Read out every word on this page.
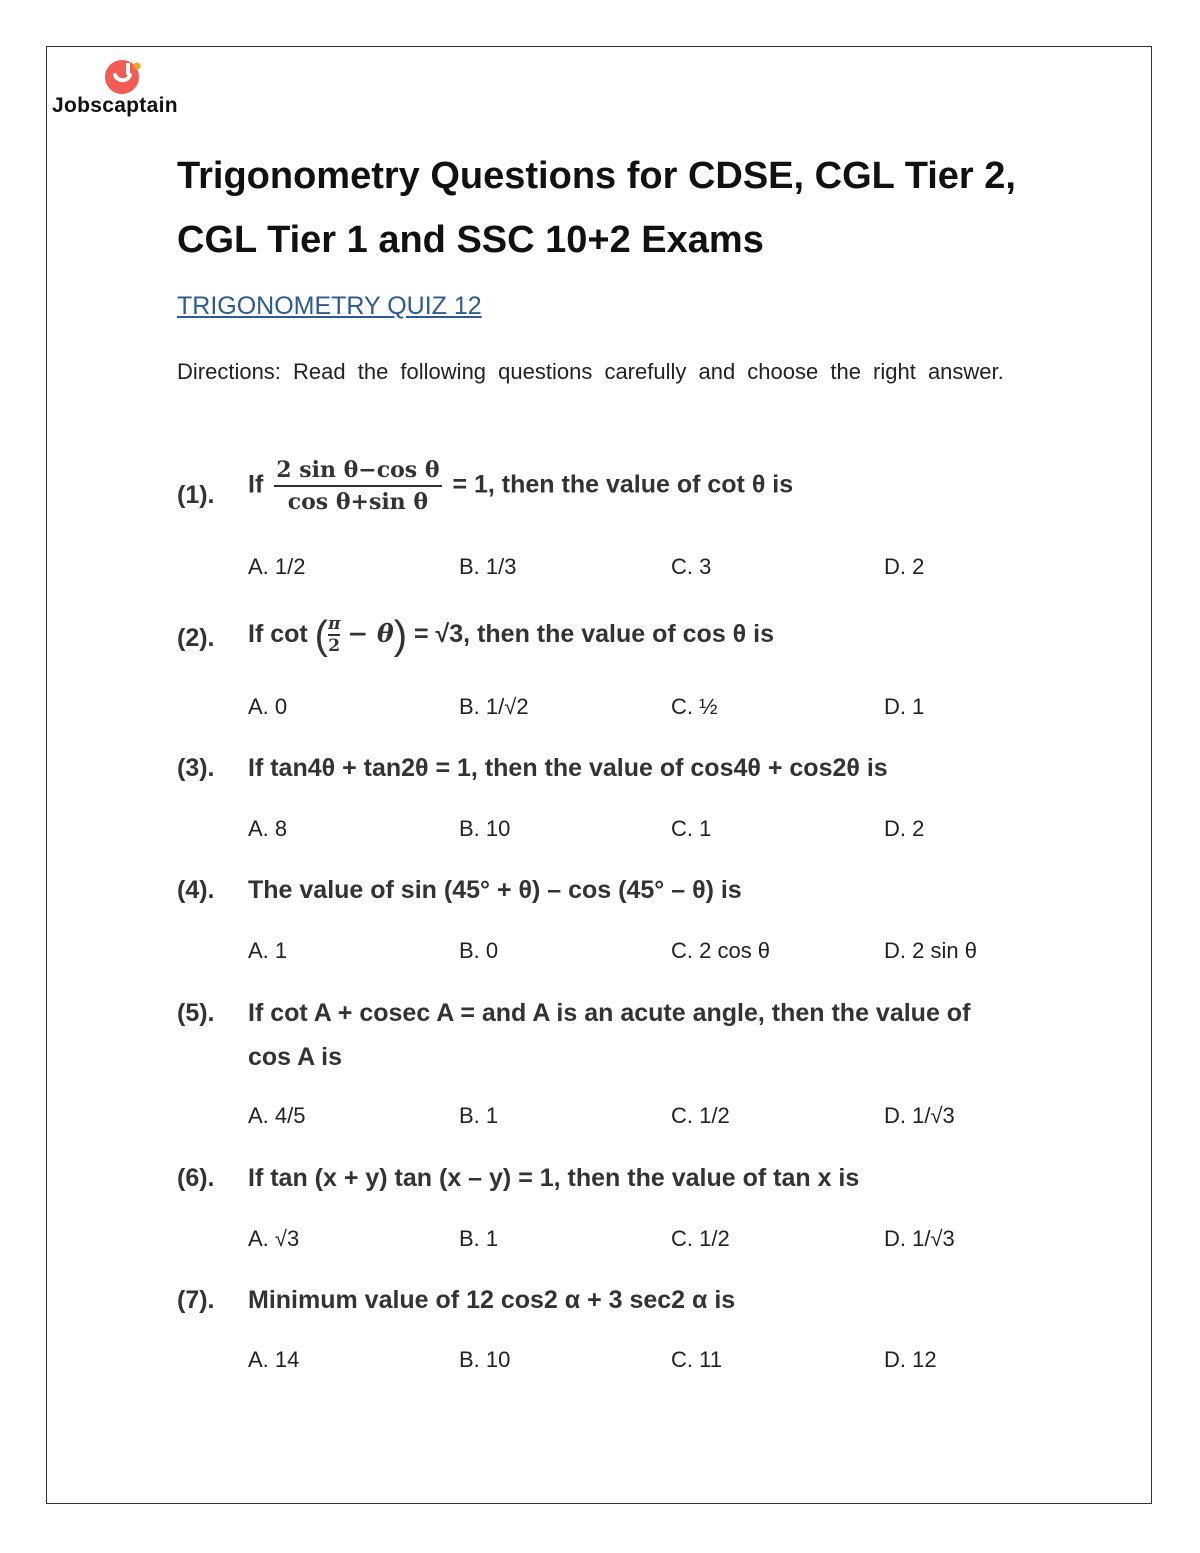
Jobscaptain
Trigonometry Questions for CDSE, CGL Tier 2, CGL Tier 1 and SSC 10+2 Exams
TRIGONOMETRY QUIZ 12
Directions: Read the following questions carefully and choose the right answer.
(1). If $\frac{\text{2 sin θ−cos θ}}{\text{cos θ+sin θ}} = 1$, then the value of cot θ is
A. 1/2	B. 1/3	C. 3	D. 2
(2). If cot ( $\frac{\pi}{2} - \theta) = √3$, then the value of cos θ is
A. 0	B. 1/√2	C. ½	D. 1
(3). If tan4θ + tan2θ = 1, then the value of cos4θ + cos2θ is
A. 8	B. 10	C. 1	D. 2
(4). The value of sin (45° + θ) – cos (45° – θ) is
A. 1	B. 0	C. 2 cos θ	D. 2 sin θ
(5). If cot A + cosec A = and A is an acute angle, then the value of cos A is
A. 4/5	B. 1	C. 1/2	D. 1/√3
(6). If tan (x + y) tan (x – y) = 1, then the value of tan x is
A. √3	B. 1	C. 1/2	D. 1/√3
(7). Minimum value of 12 cos2 α + 3 sec2 α is
A. 14	B. 10	C. 11	D. 12
